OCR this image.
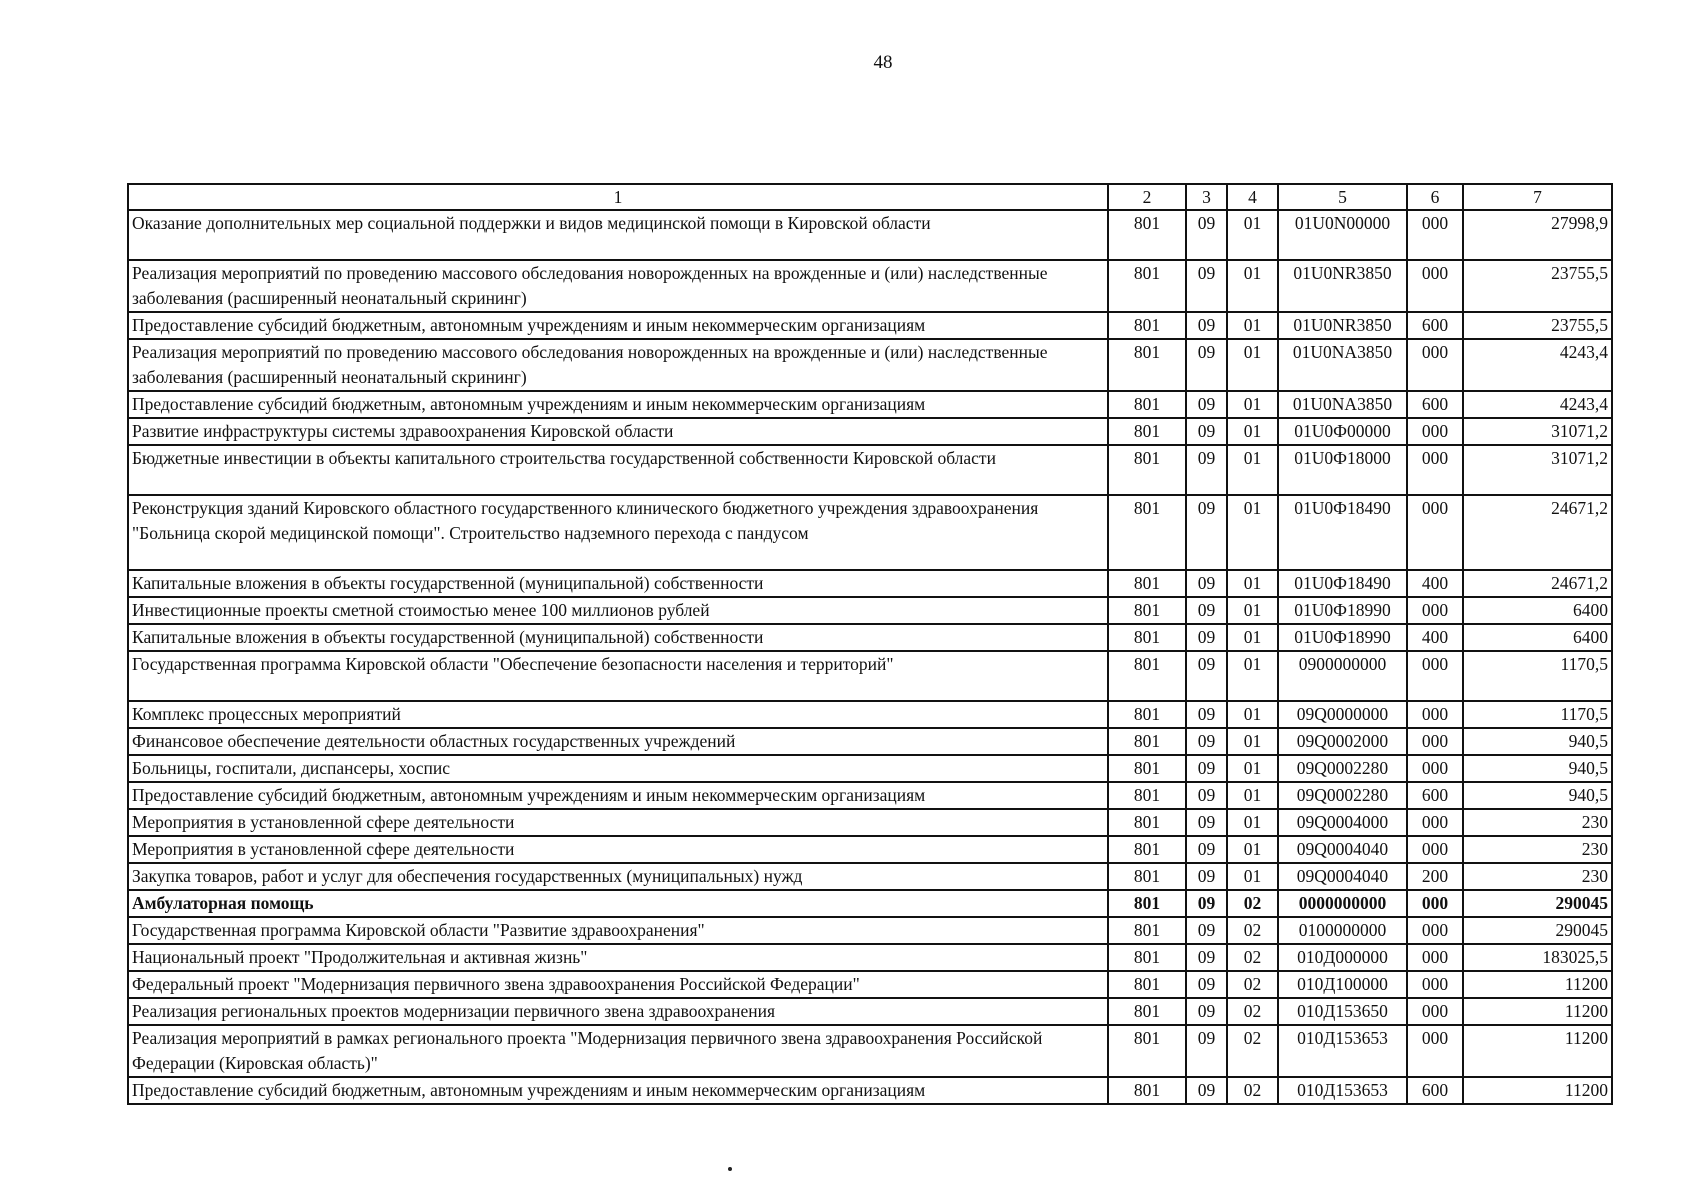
48
1	2	3	4	5	6	7
Оказание дополнительных мер социальной поддержки и видов медицинской помощи в Кировской области	801	09	01	01U0N00000	000	27998,9
Реализация мероприятий по проведению массового обследования новорожденных на врожденные и (или) наследственные заболевания (расширенный неонатальный скрининг)	801	09	01	01U0NR3850	000	23755,5
Предоставление субсидий бюджетным, автономным учреждениям и иным некоммерческим организациям	801	09	01	01U0NR3850	600	23755,5
Реализация мероприятий по проведению массового обследования новорожденных на врожденные и (или) наследственные заболевания (расширенный неонатальный скрининг)	801	09	01	01U0NA3850	000	4243,4
Предоставление субсидий бюджетным, автономным учреждениям и иным некоммерческим организациям	801	09	01	01U0NA3850	600	4243,4
Развитие инфраструктуры системы здравоохранения Кировской области	801	09	01	01U0Ф00000	000	31071,2
Бюджетные инвестиции в объекты капитального строительства государственной собственности Кировской области	801	09	01	01U0Ф18000	000	31071,2
Реконструкция зданий Кировского областного государственного клинического бюджетного учреждения здравоохранения "Больница скорой медицинской помощи". Строительство надземного перехода с пандусом	801	09	01	01U0Ф18490	000	24671,2
Капитальные вложения в объекты государственной (муниципальной) собственности	801	09	01	01U0Ф18490	400	24671,2
Инвестиционные проекты сметной стоимостью менее 100 миллионов рублей	801	09	01	01U0Ф18990	000	6400
Капитальные вложения в объекты государственной (муниципальной) собственности	801	09	01	01U0Ф18990	400	6400
Государственная программа Кировской области "Обеспечение безопасности населения и территорий"	801	09	01	0900000000	000	1170,5
Комплекс процессных мероприятий	801	09	01	09Q0000000	000	1170,5
Финансовое обеспечение деятельности областных государственных учреждений	801	09	01	09Q0002000	000	940,5
Больницы, госпитали, диспансеры, хоспис	801	09	01	09Q0002280	000	940,5
Предоставление субсидий бюджетным, автономным учреждениям и иным некоммерческим организациям	801	09	01	09Q0002280	600	940,5
Мероприятия в установленной сфере деятельности	801	09	01	09Q0004000	000	230
Мероприятия в установленной сфере деятельности	801	09	01	09Q0004040	000	230
Закупка товаров, работ и услуг для обеспечения государственных (муниципальных) нужд	801	09	01	09Q0004040	200	230
Амбулаторная помощь	801	09	02	0000000000	000	290045
Государственная программа Кировской области "Развитие здравоохранения"	801	09	02	0100000000	000	290045
Национальный проект "Продолжительная и активная жизнь"	801	09	02	010Д000000	000	183025,5
Федеральный проект "Модернизация первичного звена здравоохранения Российской Федерации"	801	09	02	010Д100000	000	11200
Реализация региональных проектов модернизации первичного звена здравоохранения	801	09	02	010Д153650	000	11200
Реализация мероприятий в рамках регионального проекта "Модернизация первичного звена здравоохранения Российской Федерации (Кировская область)"	801	09	02	010Д153653	000	11200
Предоставление субсидий бюджетным, автономным учреждениям и иным некоммерческим организациям	801	09	02	010Д153653	600	11200
